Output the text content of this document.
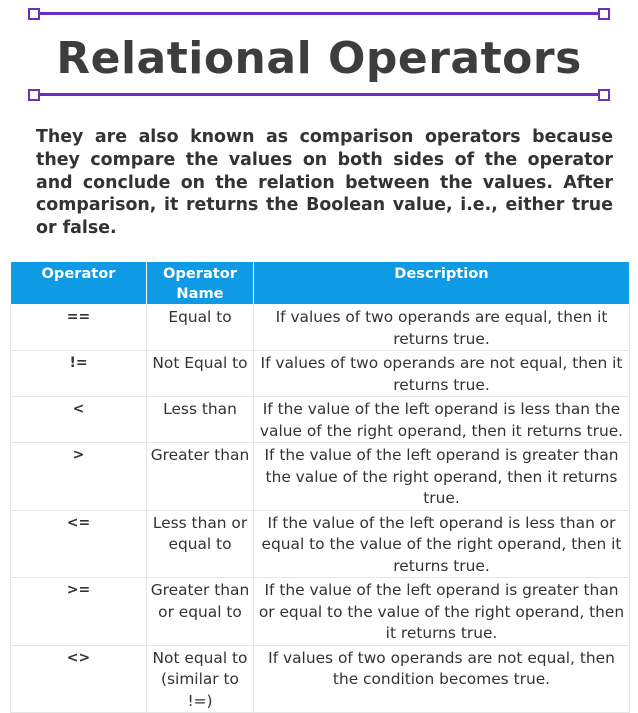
Relational Operators

They are also known as comparison operators because they compare the values on both sides of the operator and conclude on the relation between the values. After comparison, it returns the Boolean value, i.e., either true or false.

Operator	Operator Name	Description

==	Equal to	If values of two operands are equal, then it returns true.

!=	Not Equal to	If values of two operands are not equal, then it returns true.

<	Less than	If the value of the left operand is less than the value of the right operand, then it returns true.

>	Greater than	If the value of the left operand is greater than the value of the right operand, then it returns true.

<=	Less than or equal to	If the value of the left operand is less than or equal to the value of the right operand, then it returns true.

>=	Greater than or equal to	If the value of the left operand is greater than or equal to the value of the right operand, then it returns true.

<>	Not equal to (similar to !=)	If values of two operands are not equal, then the condition becomes true.
